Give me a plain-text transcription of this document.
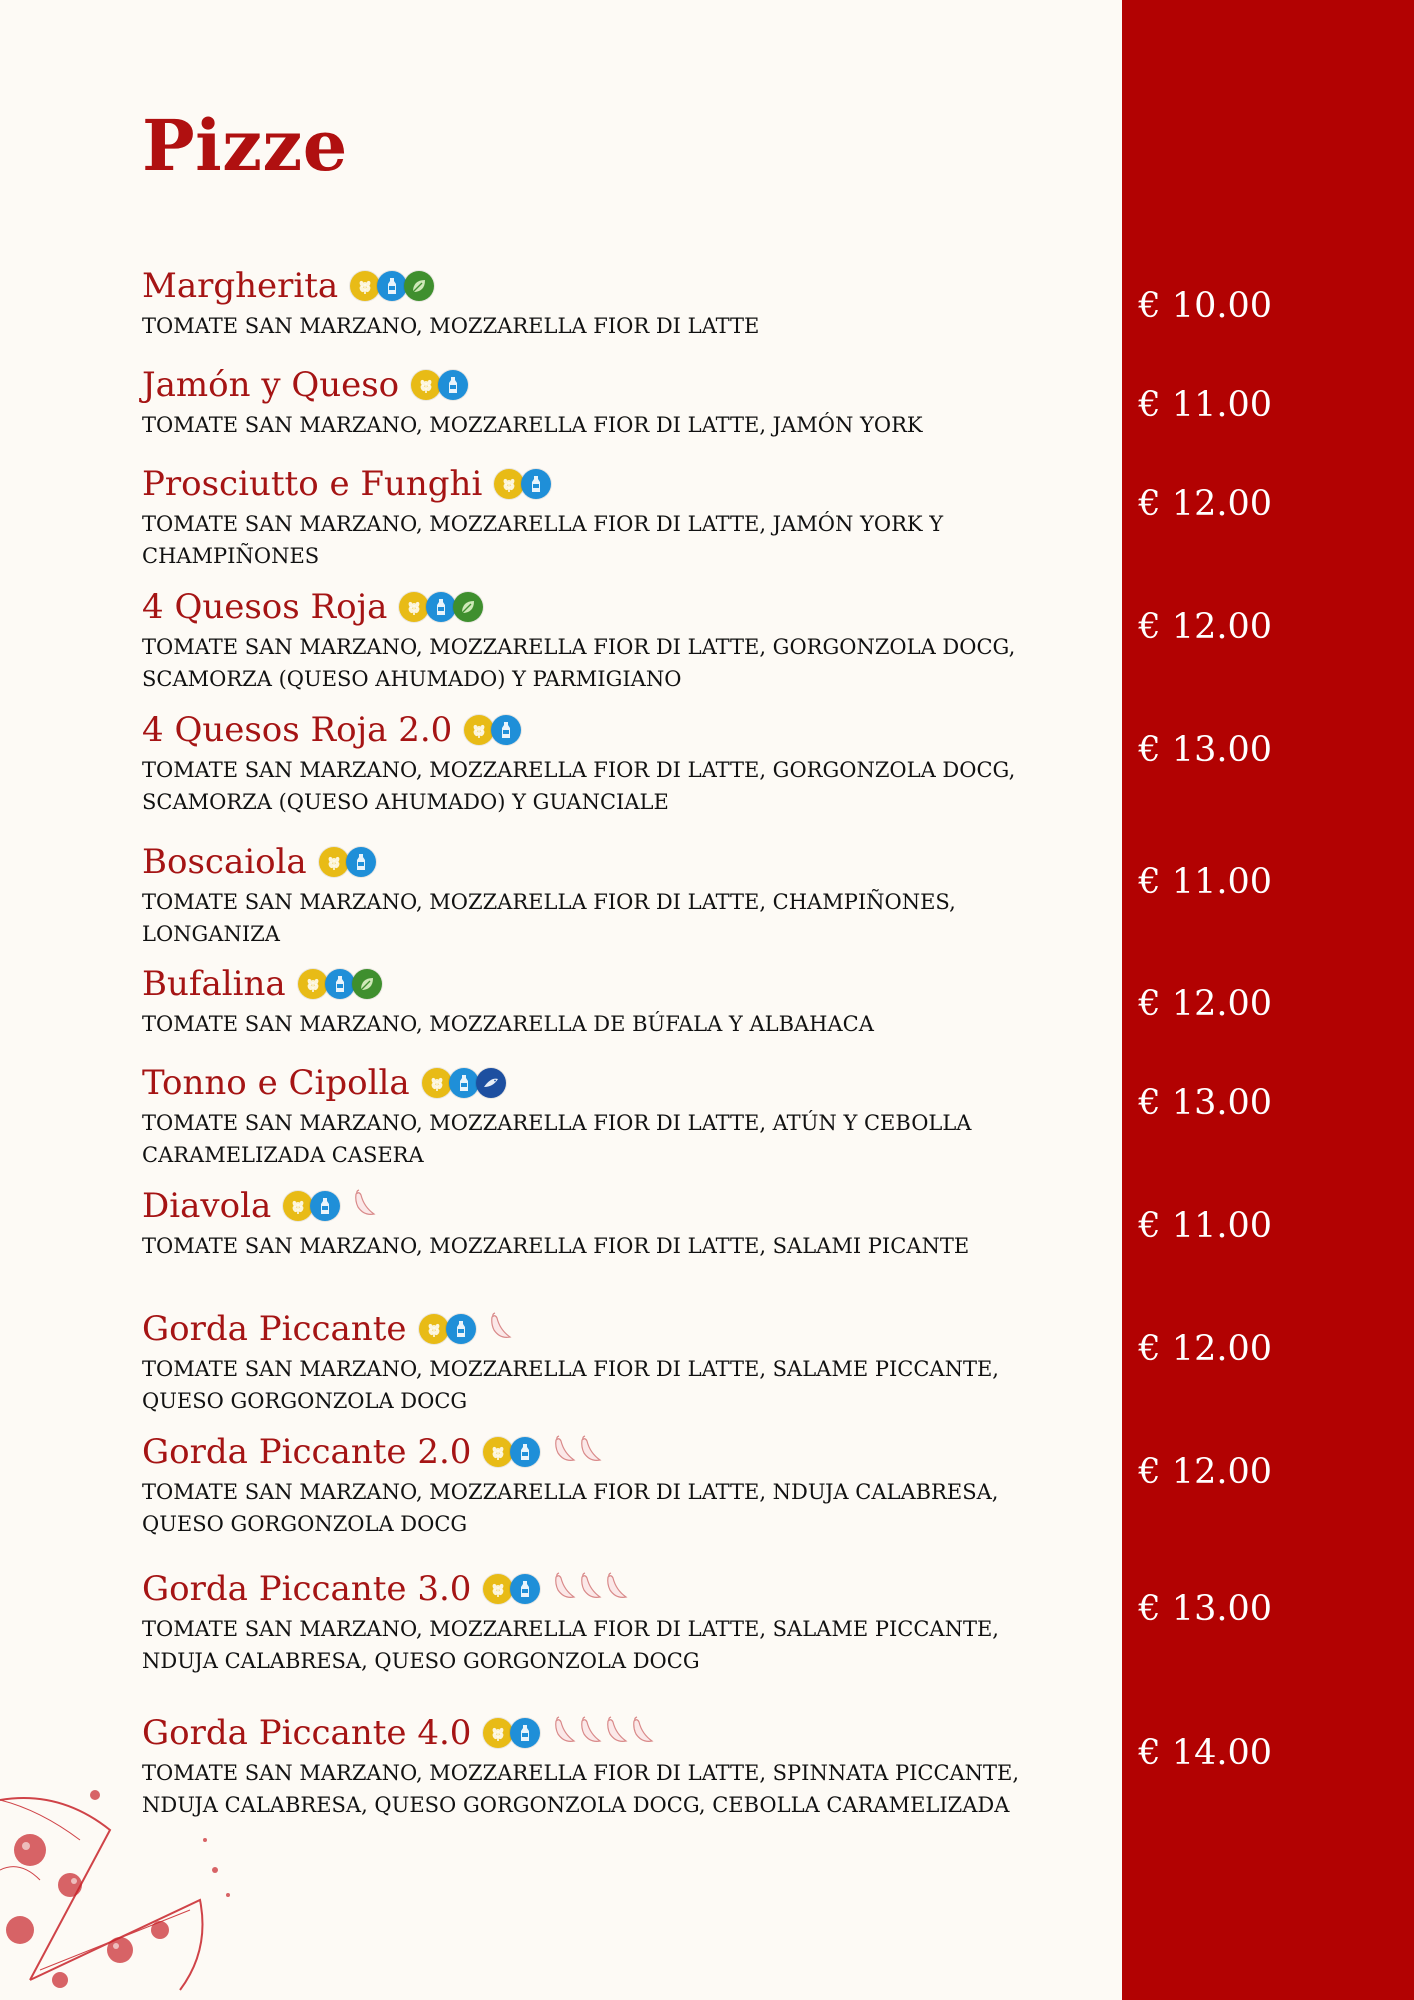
Pizze
Margherita

TOMATE SAN MARZANO, MOZZARELLA FIOR DI LATTE	€ 10.00
Jamón y Queso

TOMATE SAN MARZANO, MOZZARELLA FIOR DI LATTE, JAMÓN YORK	€ 11.00
Prosciutto e Funghi

TOMATE SAN MARZANO, MOZZARELLA FIOR DI LATTE, JAMÓN YORK Y CHAMPIÑONES

€ 12.00
4 Quesos Roja

TOMATE SAN MARZANO, MOZZARELLA FIOR DI LATTE, GORGONZOLA DOCG, SCAMORZA (QUESO AHUMADO) Y PARMIGIANO

€ 12.00
4 Quesos Roja 2.0

TOMATE SAN MARZANO, MOZZARELLA FIOR DI LATTE, GORGONZOLA DOCG, SCAMORZA (QUESO AHUMADO) Y GUANCIALE

€ 13.00
Boscaiola

TOMATE SAN MARZANO, MOZZARELLA FIOR DI LATTE, CHAMPIÑONES, LONGANIZA

€ 11.00
Bufalina

TOMATE SAN MARZANO, MOZZARELLA DE BÚFALA Y ALBAHACA	€ 12.00
Tonno e Cipolla

TOMATE SAN MARZANO, MOZZARELLA FIOR DI LATTE, ATÚN Y CEBOLLA CARAMELIZADA CASERA

€ 13.00
Diavola

TOMATE SAN MARZANO, MOZZARELLA FIOR DI LATTE, SALAMI PICANTE	€ 11.00
Gorda Piccante

TOMATE SAN MARZANO, MOZZARELLA FIOR DI LATTE, SALAME PICCANTE, QUESO GORGONZOLA DOCG

€ 12.00
Gorda Piccante 2.0

TOMATE SAN MARZANO, MOZZARELLA FIOR DI LATTE, NDUJA CALABRESA, QUESO GORGONZOLA DOCG

€ 12.00
Gorda Piccante 3.0

TOMATE SAN MARZANO, MOZZARELLA FIOR DI LATTE, SALAME PICCANTE, NDUJA CALABRESA, QUESO GORGONZOLA DOCG

€ 13.00
Gorda Piccante 4.0

TOMATE SAN MARZANO, MOZZARELLA FIOR DI LATTE, SPINNATA PICCANTE, NDUJA CALABRESA, QUESO GORGONZOLA DOCG, CEBOLLA CARAMELIZADA

€ 14.00
